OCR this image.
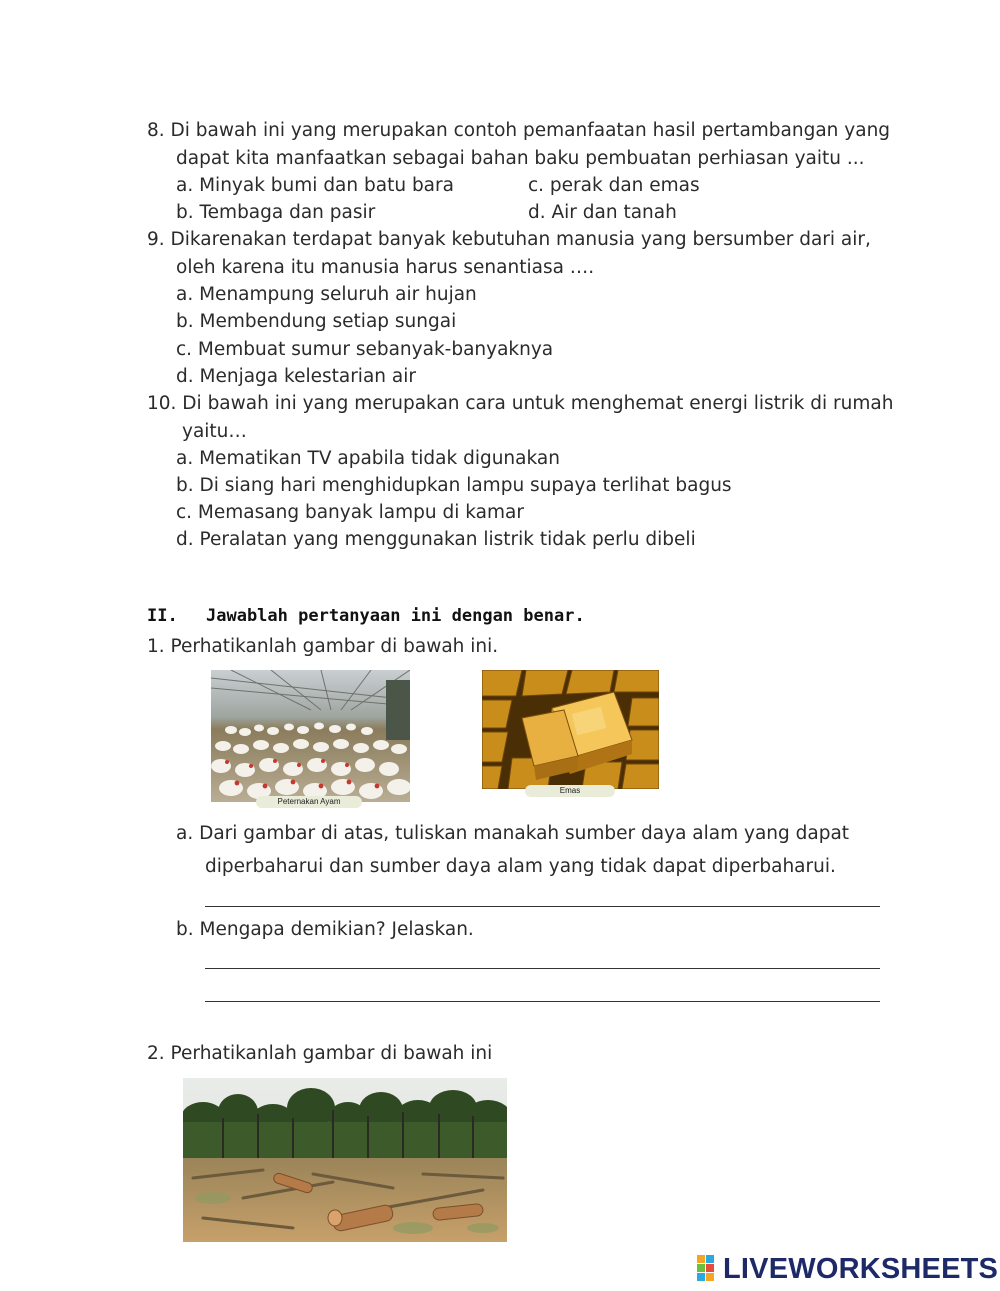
8. Di bawah ini yang merupakan contoh pemanfaatan hasil pertambangan yang
dapat kita manfaatkan sebagai bahan baku pembuatan perhiasan yaitu ...
a. Minyak bumi dan batu bara	c. perak dan emas
b. Tembaga dan pasir	d. Air dan tanah
9. Dikarenakan terdapat banyak kebutuhan manusia yang bersumber dari air,
oleh karena itu manusia harus senantiasa ….
a. Menampung seluruh air hujan
b. Membendung setiap sungai
c. Membuat sumur sebanyak-banyaknya
d. Menjaga kelestarian air
10. Di bawah ini yang merupakan cara untuk menghemat energi listrik di rumah
yaitu…
a. Mematikan TV apabila tidak digunakan
b. Di siang hari menghidupkan lampu supaya terlihat bagus
c. Memasang banyak lampu di kamar
d. Peralatan yang menggunakan listrik tidak perlu dibeli
II. Jawablah pertanyaan ini dengan benar.
1. Perhatikanlah gambar di bawah ini.
Peternakan Ayam
Emas
a. Dari gambar di atas, tuliskan manakah sumber daya alam yang dapat
diperbaharui dan sumber daya alam yang tidak dapat diperbaharui.
b. Mengapa demikian? Jelaskan.
2. Perhatikanlah gambar di bawah ini
LIVEWORKSHEETS
